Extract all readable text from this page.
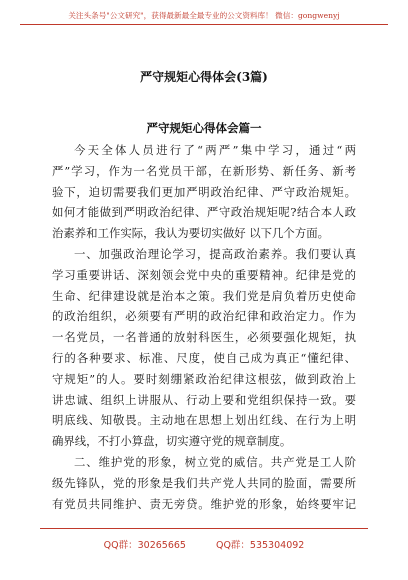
关注头条号"公文研究"，获得最新最全最专业的公文资料库！ 微信：gongwenyj
严守规矩心得体会(3篇)
严守规矩心得体会篇一
今天全体人员进行了“两严”集中学习，通过“两
严”学习，作为一名党员干部，在新形势、新任务、新考
验下，迫切需要我们更加严明政治纪律、严守政治规矩。
如何才能做到严明政治纪律、严守政治规矩呢?结合本人政
治素养和工作实际，我认为要切实做好 以下几个方面。
一、加强政治理论学习，提高政治素养。我们要认真
学习重要讲话、深刻领会党中央的重要精神。纪律是党的
生命、纪律建设就是治本之策。我们党是肩负着历史使命
的政治组织，必须要有严明的政治纪律和政治定力。作为
一名党员，一名普通的放射科医生，必须要强化规矩，执
行的各种要求、标准、尺度，使自己成为真正“懂纪律、
守规矩”的人。要时刻绷紧政治纪律这根弦，做到政治上
讲忠诚、组织上讲服从、行动上要和党组织保持一致。要
明底线、知敬畏。主动地在思想上划出红线、在行为上明
确界线，不打小算盘，切实遵守党的规章制度。
二、维护党的形象，树立党的威信。共产党是工人阶
级先锋队，党的形象是我们共产党人共同的脸面，需要所
有党员共同维护、责无旁贷。维护党的形象，始终要牢记
QQ群：30265665	QQ群：535304092
